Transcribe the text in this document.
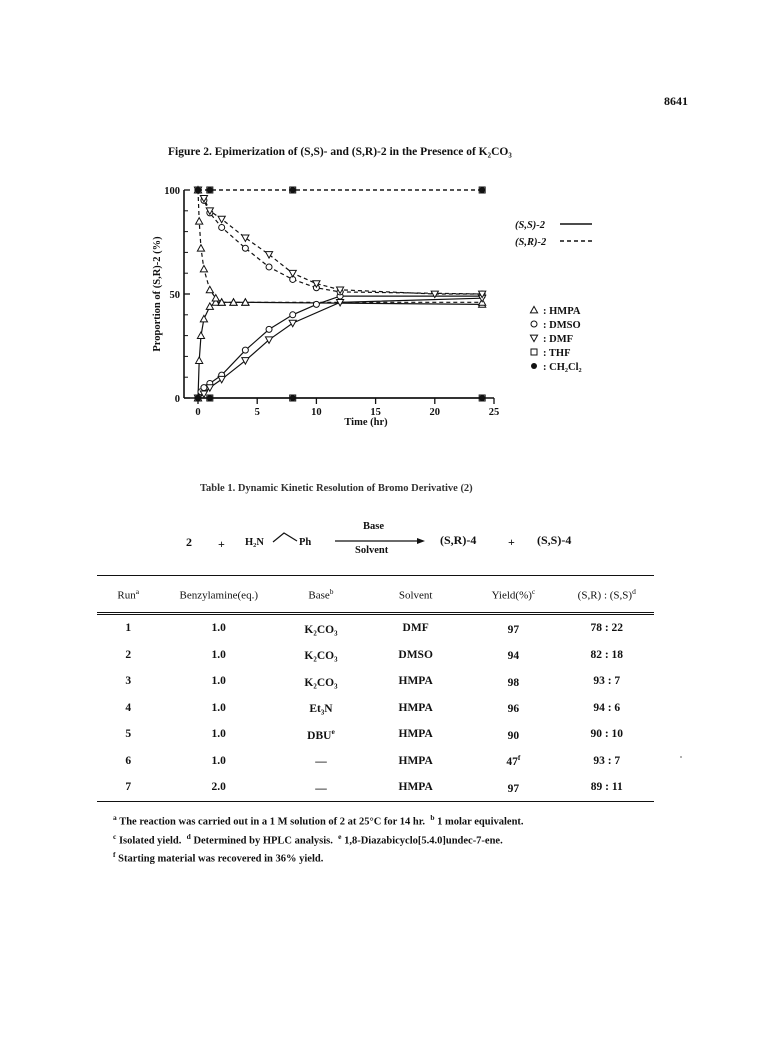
8641
Figure 2. Epimerization of (S,S)- and (S,R)-2 in the Presence of K₂CO₃
0
50
100
0	5	10	15	20	25
Time (hr)
Proportion of (S,R)-2 (%)
(S,S)-2
(S,R)-2
: HMPA
: DMSO
: DMF
: THF
: CH₂Cl₂
Table 1. Dynamic Kinetic Resolution of Bromo Derivative (2)
2 + H₂N	Ph
Base
Solvent
(S,R)-4	+ (S,S)-4
Run$^a$	Benzylamine(eq.)	Base$^b$	Solvent	Yield(%)$^c$	(S,R) : $(S,S)^d$
1	1.0	K₂CO₃	DMF	97	78 : 22
2	1.0	K₂CO₃	DMSO	94	82 : 18
3	1.0	K₂CO₃	HMPA	98	93 : 7
4	1.0	Et₃N	HMPA	96	94 : 6
5	1.0	DBU$^e$	HMPA	90	90 : 10
6	1.0	—	HMPA	47$^f$	93 : 7
7	2.0	—	HMPA	97	89 : 11
$^a$ The reaction was carried out in a 1 M solution of 2 at 25°C for 14 hr. $^b$ 1 molar equivalent.
$^c$ Isolated yield. $^d$ Determined by HPLC analysis. $^e$ 1,8-Diazabicyclo[5.4.0]undec-7-ene.
$^f$ Starting material was recovered in 36% yield.
